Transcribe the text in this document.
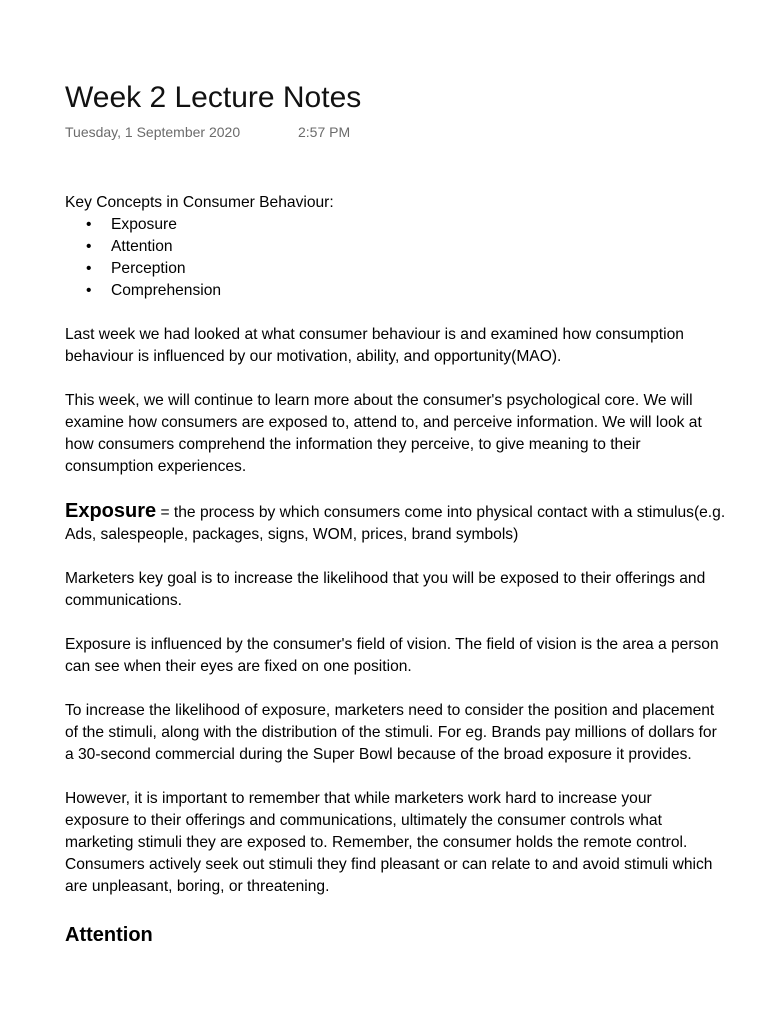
Week 2 Lecture Notes
Tuesday, 1 September 2020	2:57 PM
Key Concepts in Consumer Behaviour:
• Exposure
• Attention
• Perception
• Comprehension

Last week we had looked at what consumer behaviour is and examined how consumption
behaviour is influenced by our motivation, ability, and opportunity(MAO).

This week, we will continue to learn more about the consumer's psychological core. We will
examine how consumers are exposed to, attend to, and perceive information. We will look at
how consumers comprehend the information they perceive, to give meaning to their
consumption experiences.

Exposure = the process by which consumers come into physical contact with a stimulus(e.g.
Ads, salespeople, packages, signs, WOM, prices, brand symbols)

Marketers key goal is to increase the likelihood that you will be exposed to their offerings and
communications.

Exposure is influenced by the consumer's field of vision. The field of vision is the area a person
can see when their eyes are fixed on one position.

To increase the likelihood of exposure, marketers need to consider the position and placement
of the stimuli, along with the distribution of the stimuli. For eg. Brands pay millions of dollars for
a 30-second commercial during the Super Bowl because of the broad exposure it provides.

However, it is important to remember that while marketers work hard to increase your
exposure to their offerings and communications, ultimately the consumer controls what
marketing stimuli they are exposed to. Remember, the consumer holds the remote control.
Consumers actively seek out stimuli they find pleasant or can relate to and avoid stimuli which
are unpleasant, boring, or threatening.

Attention
